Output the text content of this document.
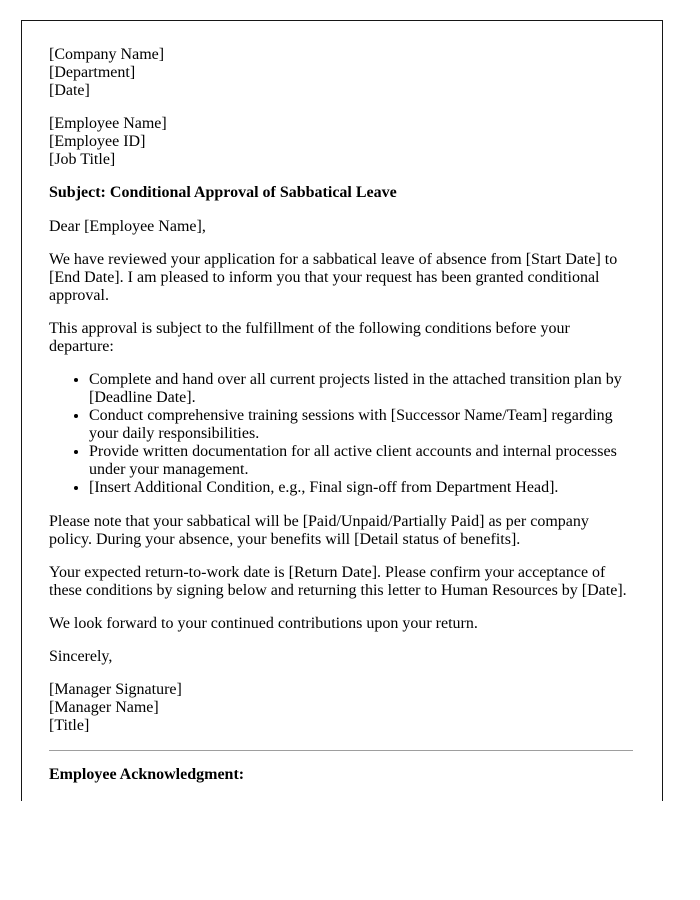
[Company Name]
[Department]
[Date]

[Employee Name]
[Employee ID]
[Job Title]

Subject: Conditional Approval of Sabbatical Leave

Dear [Employee Name],

We have reviewed your application for a sabbatical leave of absence from [Start Date] to [End Date]. I am pleased to inform you that your request has been granted conditional approval.

This approval is subject to the fulfillment of the following conditions before your departure:

• Complete and hand over all current projects listed in the attached transition plan by [Deadline Date].
• Conduct comprehensive training sessions with [Successor Name/Team] regarding your daily responsibilities.
• Provide written documentation for all active client accounts and internal processes under your management.
• [Insert Additional Condition, e.g., Final sign-off from Department Head].

Please note that your sabbatical will be [Paid/Unpaid/Partially Paid] as per company policy. During your absence, your benefits will [Detail status of benefits].

Your expected return-to-work date is [Return Date]. Please confirm your acceptance of these conditions by signing below and returning this letter to Human Resources by [Date].

We look forward to your continued contributions upon your return.

Sincerely,

[Manager Signature]
[Manager Name]
[Title]

Employee Acknowledgment:
